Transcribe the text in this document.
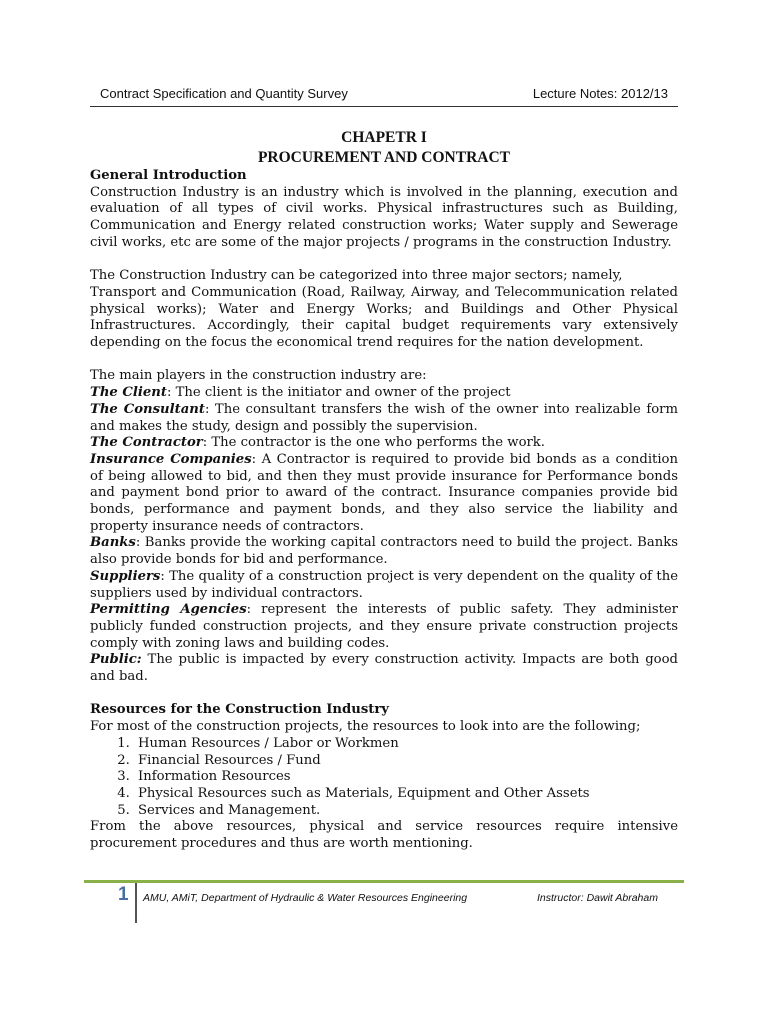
Contract Specification and Quantity Survey	Lecture Notes: 2012/13
CHAPETR I
PROCUREMENT AND CONTRACT
General Introduction

Construction Industry is an industry which is involved in the planning, execution and evaluation of all types of civil works. Physical infrastructures such as Building, Communication and Energy related construction works; Water supply and Sewerage civil works, etc are some of the major projects / programs in the construction Industry.

The Construction Industry can be categorized into three major sectors; namely,

Transport and Communication (Road, Railway, Airway, and Telecommunication related physical works); Water and Energy Works; and Buildings and Other Physical Infrastructures. Accordingly, their capital budget requirements vary extensively depending on the focus the economical trend requires for the nation development.

The main players in the construction industry are:

The Client: The client is the initiator and owner of the project

The Consultant: The consultant transfers the wish of the owner into realizable form and makes the study, design and possibly the supervision.

The Contractor: The contractor is the one who performs the work.

Insurance Companies: A Contractor is required to provide bid bonds as a condition of being allowed to bid, and then they must provide insurance for Performance bonds and payment bond prior to award of the contract. Insurance companies provide bid bonds, performance and payment bonds, and they also service the liability and property insurance needs of contractors.

Banks: Banks provide the working capital contractors need to build the project. Banks also provide bonds for bid and performance.

Suppliers: The quality of a construction project is very dependent on the quality of the suppliers used by individual contractors.

Permitting Agencies: represent the interests of public safety. They administer publicly funded construction projects, and they ensure private construction projects comply with zoning laws and building codes.

Public: The public is impacted by every construction activity. Impacts are both good and bad.

Resources for the Construction Industry

For most of the construction projects, the resources to look into are the following;

1. Human Resources / Labor or Workmen
2. Financial Resources / Fund
3. Information Resources
4. Physical Resources such as Materials, Equipment and Other Assets
5. Services and Management.

From the above resources, physical and service resources require intensive procurement procedures and thus are worth mentioning.

1 AMU, AMiT, Department of Hydraulic & Water Resources Engineering	Instructor: Dawit Abraham
